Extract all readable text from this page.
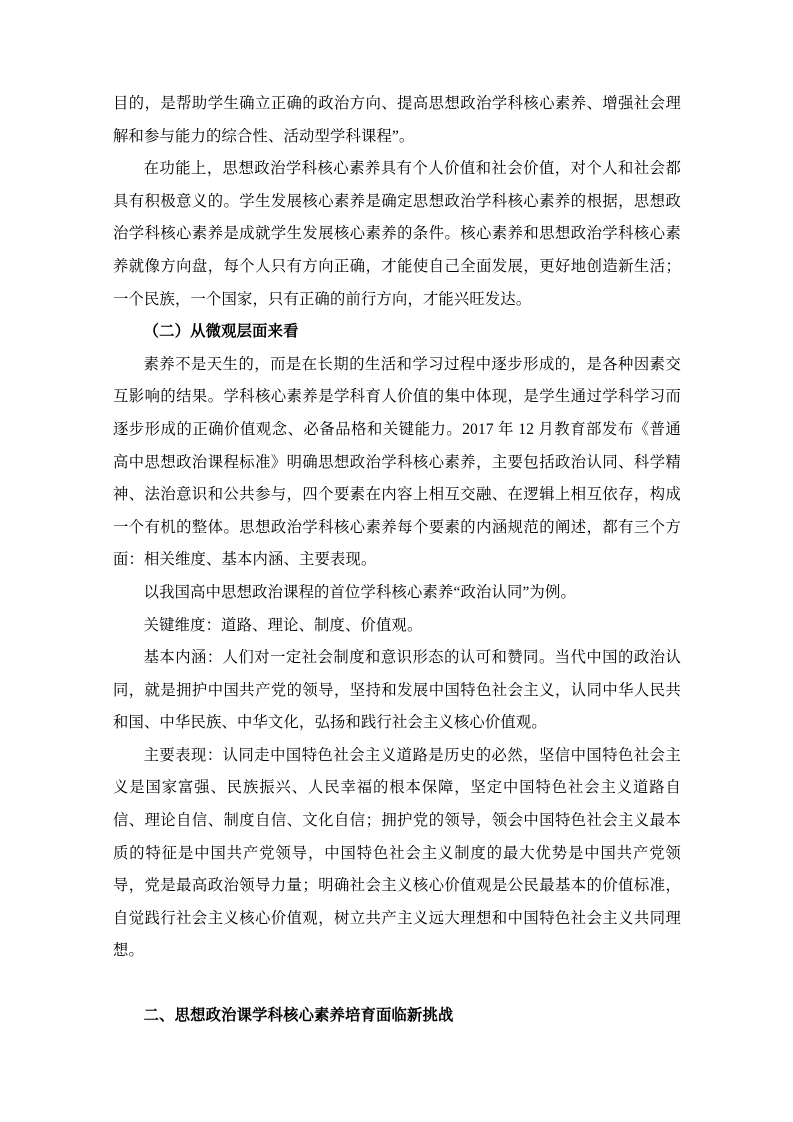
目的，是帮助学生确立正确的政治方向、提高思想政治学科核心素养、增强社会理解和参与能力的综合性、活动型学科课程”。

在功能上，思想政治学科核心素养具有个人价值和社会价值，对个人和社会都具有积极意义的。学生发展核心素养是确定思想政治学科核心素养的根据，思想政治学科核心素养是成就学生发展核心素养的条件。核心素养和思想政治学科核心素养就像方向盘，每个人只有方向正确，才能使自己全面发展，更好地创造新生活；一个民族，一个国家，只有正确的前行方向，才能兴旺发达。

（二）从微观层面来看

素养不是天生的，而是在长期的生活和学习过程中逐步形成的，是各种因素交互影响的结果。学科核心素养是学科育人价值的集中体现，是学生通过学科学习而逐步形成的正确价值观念、必备品格和关键能力。2017 年 12 月教育部发布《普通高中思想政治课程标准》明确思想政治学科核心素养，主要包括政治认同、科学精神、法治意识和公共参与，四个要素在内容上相互交融、在逻辑上相互依存，构成一个有机的整体。思想政治学科核心素养每个要素的内涵规范的阐述，都有三个方面：相关维度、基本内涵、主要表现。

以我国高中思想政治课程的首位学科核心素养“政治认同”为例。

关键维度：道路、理论、制度、价值观。

基本内涵：人们对一定社会制度和意识形态的认可和赞同。当代中国的政治认同，就是拥护中国共产党的领导，坚持和发展中国特色社会主义，认同中华人民共和国、中华民族、中华文化，弘扬和践行社会主义核心价值观。

主要表现：认同走中国特色社会主义道路是历史的必然，坚信中国特色社会主义是国家富强、民族振兴、人民幸福的根本保障，坚定中国特色社会主义道路自信、理论自信、制度自信、文化自信；拥护党的领导，领会中国特色社会主义最本质的特征是中国共产党领导，中国特色社会主义制度的最大优势是中国共产党领导，党是最高政治领导力量；明确社会主义核心价值观是公民最基本的价值标准，自觉践行社会主义核心价值观，树立共产主义远大理想和中国特色社会主义共同理想。

二、思想政治课学科核心素养培育面临新挑战
